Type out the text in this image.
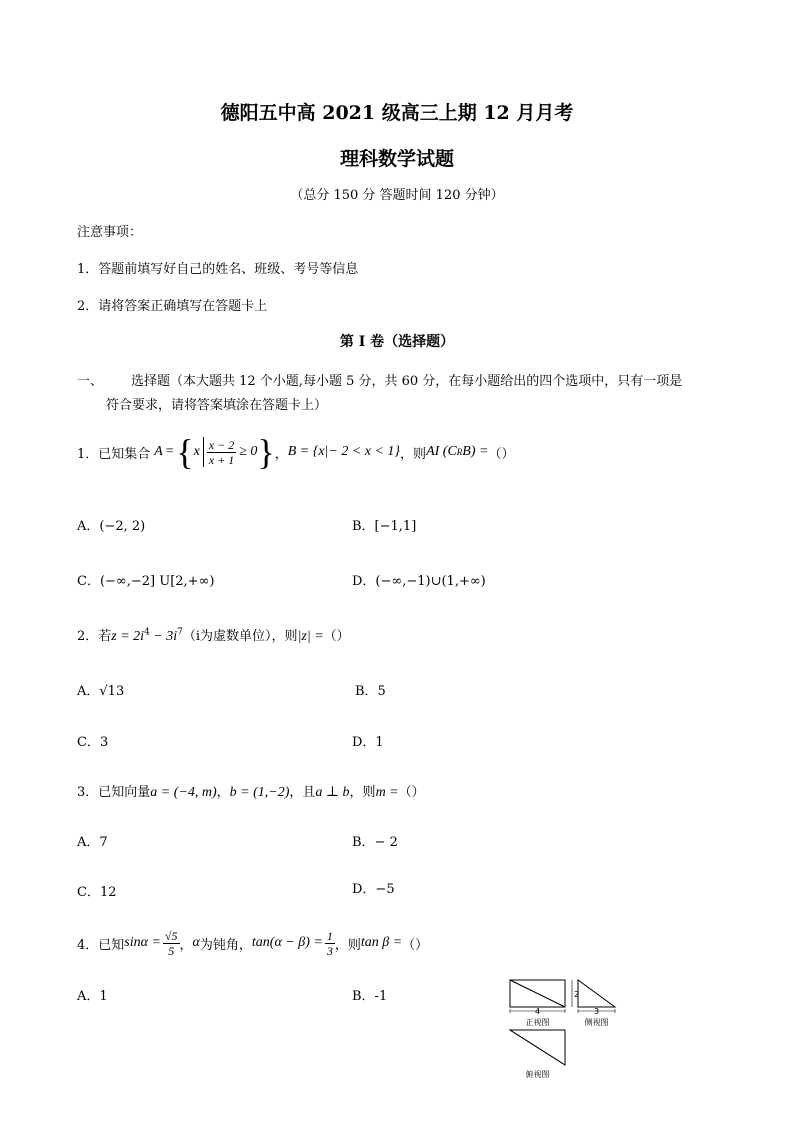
德阳五中高 2021 级高三上期 12 月月考
理科数学试题
（总分 150 分 答题时间 120 分钟）
注意事项：
1．答题前填写好自己的姓名、班级、考号等信息
2．请将答案正确填写在答题卡上
第 I 卷（选择题）
一、 选择题（本大题共 12 个小题,每小题 5 分，共 60 分，在每小题给出的四个选项中，只有一项是
符合要求，请将答案填涂在答题卡上）
1．已知集合 A = { x $\frac{x - 2}{x + 1} \ge 0$ } ， B = {x|− 2 < x < 1} ，则 AI (C R B) = （）
A．(−2, 2)	B．[−1,1]
C．(−∞,−2] U[2,+∞)	D．(−∞,−1)∪(1,+∞)
2．若$z = 2i^4 - 3i^7(i$为虚数单位），则|z| =（）
A．√13	B．5
C．3	D．1
3．已知向量a = (−4, m)，b = (1,−2)，且a ⊥ b，则m =（）
A．7	B．− 2
C．12	D．−5
4．已知 $\sin\alpha = \frac{√5}{5}$ ， α 为钝角， $\tan(\alpha - \beta) = \frac{1}{3}$ ，则 tan β = （）
A．1	B．-1
4
正视图
2
3
侧视图
俯视图
